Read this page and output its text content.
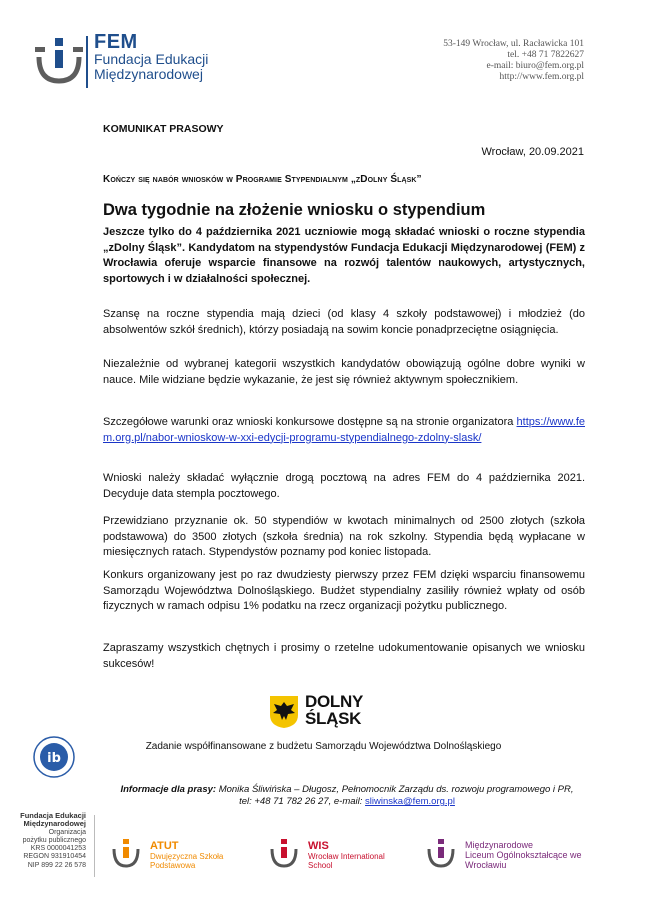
FEM
Fundacja Edukacji
Międzynarodowej
53-149 Wrocław, ul. Racławicka 101
tel. +48 71 7822627
e-mail: biuro@fem.org.pl
http://www.fem.org.pl
KOMUNIKAT PRASOWY
Wrocław, 20.09.2021
Kończy się nabór wniosków w Programie Stypendialnym „zDolny Śląsk”
Dwa tygodnie na złożenie wniosku o stypendium

Jeszcze tylko do 4 października 2021 uczniowie mogą składać wnioski o roczne stypendia „zDolny Śląsk”. Kandydatom na stypendystów Fundacja Edukacji Międzynarodowej (FEM) z Wrocławia oferuje wsparcie finansowe na rozwój talentów naukowych, artystycznych, sportowych i w działalności społecznej.

Szansę na roczne stypendia mają dzieci (od klasy 4 szkoły podstawowej) i młodzież (do absolwentów szkół średnich), którzy posiadają na sowim koncie ponadprzeciętne osiągnięcia.

Niezależnie od wybranej kategorii wszystkich kandydatów obowiązują ogólne dobre wyniki w nauce. Mile widziane będzie wykazanie, że jest się również aktywnym społecznikiem.

Szczegółowe warunki oraz wnioski konkursowe dostępne są na stronie organizatora https://www.fem.org.pl/nabor-wnioskow-w-xxi-edycji-programu-stypendialnego-zdolny-slask/

Wnioski należy składać wyłącznie drogą pocztową na adres FEM do 4 października 2021. Decyduje data stempla pocztowego.

Przewidziano przyznanie ok. 50 stypendiów w kwotach minimalnych od 2500 złotych (szkoła podstawowa) do 3500 złotych (szkoła średnia) na rok szkolny. Stypendia będą wypłacane w miesięcznych ratach. Stypendystów poznamy pod koniec listopada.

Konkurs organizowany jest po raz dwudziesty pierwszy przez FEM dzięki wsparciu finansowemu Samorządu Województwa Dolnośląskiego. Budżet stypendialny zasiliły również wpłaty od osób fizycznych w ramach odpisu 1% podatku na rzecz organizacji pożytku publicznego.

Zapraszamy wszystkich chętnych i prosimy o rzetelne udokumentowanie opisanych we wniosku sukcesów!

DOLNY
ŚLĄSK
Zadanie współfinansowane z budżetu Samorządu Województwa Dolnośląskiego
ib
Informacje dla prasy: Monika Śliwińska – Długosz, Pełnomocnik Zarządu ds. rozwoju programowego i PR,
tel: +48 71 782 26 27, e-mail: sliwinska@fem.org.pl
Fundacja Edukacji Międzynarodowej
Organizacja
pożytku publicznego
KRS 0000041253
REGON 931910454
NIP 899 22 26 578
ATUT
Dwujęzyczna Szkoła Podstawowa
WIS
Wrocław International School
Międzynarodowe
Liceum Ogólnokształcące we Wrocławiu
